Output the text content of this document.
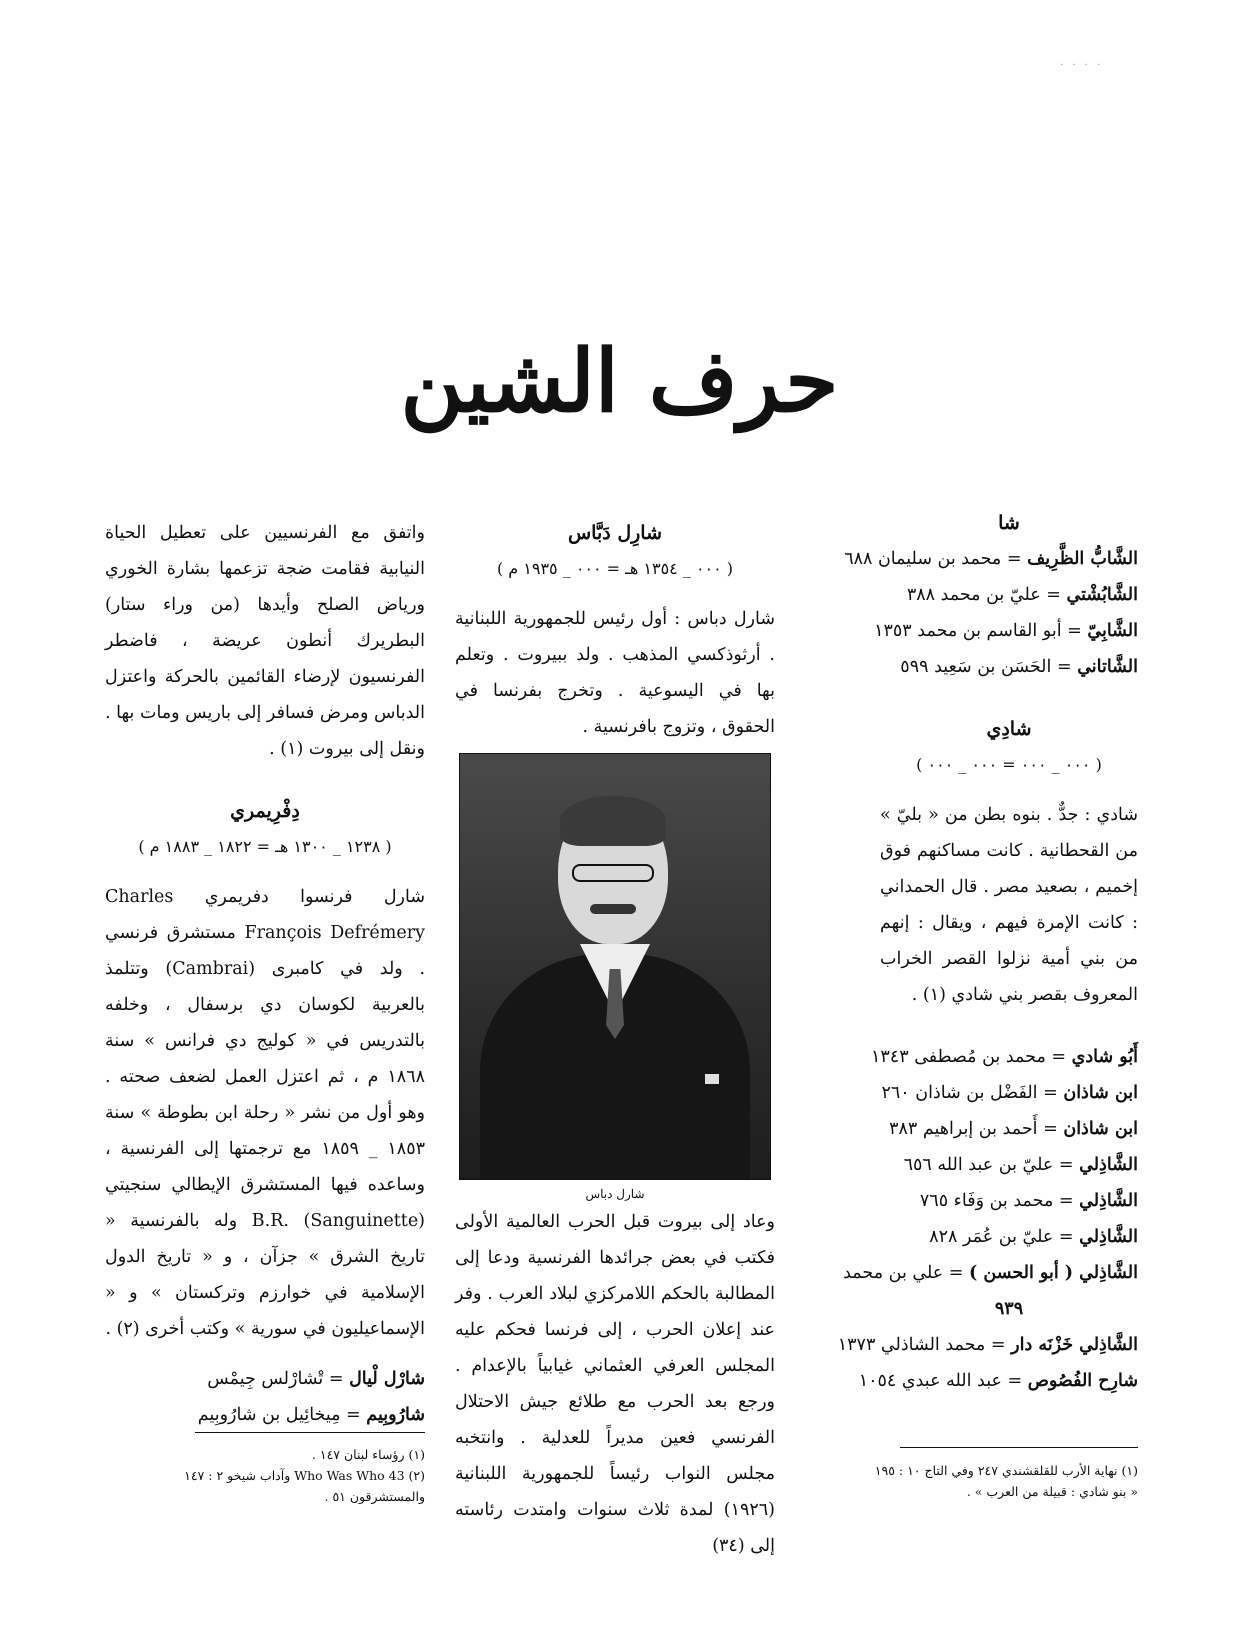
· · · ·
حرف الشين
شا

الشَّابُّ الظَّرِيف = محمد بن سليمان ٦٨٨

الشَّابُشْتي = عليّ بن محمد ٣٨٨

الشَّابِيّ = أبو القاسم بن محمد ١٣٥٣

الشَّاتاني = الحَسَن بن سَعِيد ٥٩٩

شادِي
( ٠٠٠ _ ٠٠٠ = ٠٠٠ _ ٠٠٠ )

شادي : جدٌّ . بنوه بطن من « بليّ » من القحطانية . كانت مساكنهم فوق إخميم ، بصعيد مصر . قال الحمداني : كانت الإمرة فيهم ، ويقال : إنهم من بني أمية نزلوا القصر الخراب المعروف بقصر بني شادي (١) .

أَبُو شادي = محمد بن مُصطفى ١٣٤٣

ابن شاذان = الفَضْل بن شاذان ٢٦٠

ابن شاذان = أَحمد بن إبراهيم ٣٨٣

الشَّاذِلي = عليّ بن عبد الله ٦٥٦

الشَّاذِلي = محمد بن وَفَاء ٧٦٥

الشَّاذِلي = عليّ بن عُمَر ٨٢٨

الشَّاذِلي ( أبو الحسن ) = علي بن محمد

٩٣٩

الشَّاذِلي خَزْنَه دار = محمد الشاذلي ١٣٧٣

شارِح الفُصُوص = عبد الله عبدي ١٠٥٤

شارِل دَبَّاس
( ٠٠٠ _ ١٣٥٤ هـ = ٠٠٠ _ ١٩٣٥ م )

شارل دباس : أول رئيس للجمهورية اللبنانية . أرثوذكسي المذهب . ولد ببيروت . وتعلم بها في اليسوعية . وتخرج بفرنسا في الحقوق ، وتزوج بافرنسية .

شارل دباس

وعاد إلى بيروت قبل الحرب العالمية الأولى فكتب في بعض جرائدها الفرنسية ودعا إلى المطالبة بالحكم اللامركزي لبلاد العرب . وفر عند إعلان الحرب ، إلى فرنسا فحكم عليه المجلس العرفي العثماني غيابياً بالإعدام . ورجع بعد الحرب مع طلائع جيش الاحتلال الفرنسي فعين مديراً للعدلية . وانتخبه مجلس النواب رئيساً للجمهورية اللبنانية (١٩٢٦) لمدة ثلاث سنوات وامتدت رئاسته إلى (٣٤)

واتفق مع الفرنسيين على تعطيل الحياة النيابية فقامت ضجة تزعمها بشارة الخوري ورياض الصلح وأيدها (من وراء ستار) البطريرك أنطون عريضة ، فاضطر الفرنسيون لإرضاء القائمين بالحركة واعتزل الدباس ومرض فسافر إلى باريس ومات بها . ونقل إلى بيروت (١) .

دِفْرِيمري
( ١٢٣٨ _ ١٣٠٠ هـ = ١٨٢٢ _ ١٨٨٣ م )

شارل فرنسوا دفريمري Charles François Defrémery مستشرق فرنسي . ولد في كامبرى (Cambrai) وتتلمذ بالعربية لكوسان دي برسفال ، وخلفه بالتدريس في « كوليج دي فرانس » سنة ١٨٦٨ م ، ثم اعتزل العمل لضعف صحته . وهو أول من نشر « رحلة ابن بطوطة » سنة ١٨٥٣ _ ١٨٥٩ مع ترجمتها إلى الفرنسية ، وساعده فيها المستشرق الإيطالي سنجيتي B.R. (Sanguinette) وله بالفرنسية « تاريخ الشرق » جزآن ، و « تاريخ الدول الإسلامية في خوارزم وتركستان » و « الإسماعيليون في سورية » وكتب أخرى (٢) .

شارْل لْيال = تْشارْلس جِيمْس

شارُوبِيم = مِيخائِيل بن شارُوبِيم

(١) رؤساء لبنان ١٤٧ .

(٢) Who Was Who 43 وآداب شيخو ٢ : ١٤٧

والمستشرقون ٥١ .

(١) نهاية الأرب للقلقشندي ٢٤٧ وفي التاج ١٠ : ١٩٥

« بنو شادي : قبيلة من العرب » .
